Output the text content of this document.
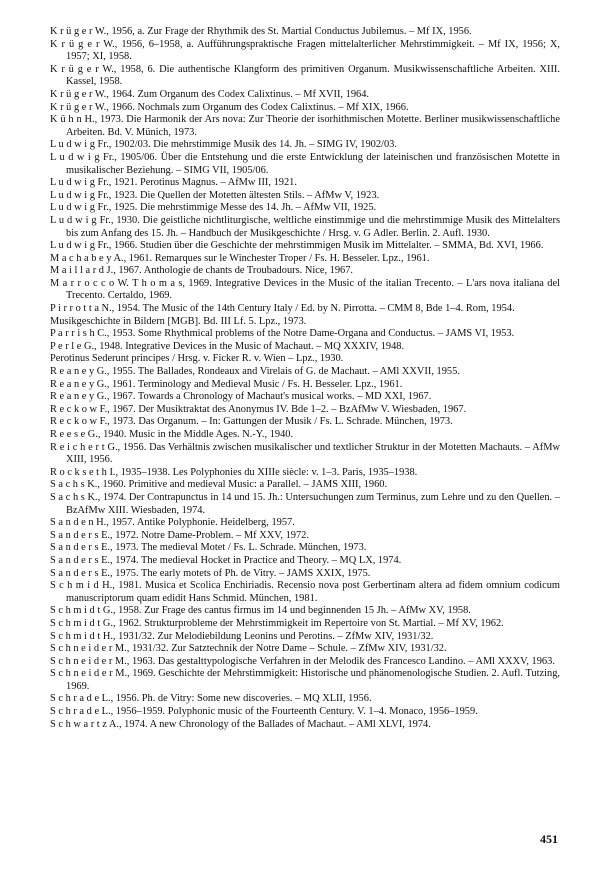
K r ü g e r W., 1956, a. Zur Frage der Rhythmik des St. Martial Conductus Jubilemus. – Mf IX, 1956.
K r ü g e r W., 1956, 6–1958, a. Aufführungspraktische Fragen mittelalterlicher Mehrstimmigkeit. – Mf IX, 1956; X, 1957; XI, 1958.
K r ü g e r W., 1958, 6. Die authentische Klangform des primitiven Organum. Musikwissenschaftliche Arbeiten. XIII. Kassel, 1958.
K r ü g e r W., 1964. Zum Organum des Codex Calixtinus. – Mf XVII, 1964.
K r ü g e r W., 1966. Nochmals zum Organum des Codex Calixtinus. – Mf XIX, 1966.
K ü h n H., 1973. Die Harmonik der Ars nova: Zur Theorie der isorhithmischen Motette. Berliner musikwissenschaftliche Arbeiten. Bd. V. Münich, 1973.
L u d w i g Fr., 1902/03. Die mehrstimmige Musik des 14. Jh. – SIMG IV, 1902/03.
L u d w i g Fr., 1905/06. Über die Entstehung und die erste Entwicklung der lateinischen und französischen Motette in musikalischer Beziehung. – SIMG VII, 1905/06.
L u d w i g Fr., 1921. Perotinus Magnus. – AfMw III, 1921.
L u d w i g Fr., 1923. Die Quellen der Motetten ältesten Stils. – AfMw V, 1923.
L u d w i g Fr., 1925. Die mehrstimmige Messe des 14. Jh. – AfMw VII, 1925.
L u d w i g Fr., 1930. Die geistliche nichtliturgische, weltliche einstimmige und die mehrstimmige Musik des Mittelalters bis zum Anfang des 15. Jh. – Handbuch der Musikgeschichte / Hrsg. v. G Adler. Berlin. 2. Aufl. 1930.
L u d w i g Fr., 1966. Studien über die Geschichte der mehrstimmigen Musik im Mittelalter. – SMMA, Bd. XVI, 1966.
M a c h a b e y A., 1961. Remarques sur le Winchester Troper / Fs. H. Besseler. Lpz., 1961.
M a i l l a r d J., 1967. Anthologie de chants de Troubadours. Nice, 1967.
M a r r o c c o W. T h o m a s, 1969. Integrative Devices in the Music of the italian Trecento. – L'ars nova italiana del Trecento. Certaldo, 1969.
P i r r o t t a N., 1954. The Music of the 14th Century Italy / Ed. by N. Pirrotta. – CMM 8, Bde 1–4. Rom, 1954.
Musikgeschichte in Bildern [MGB]. Bd. III Lf. 5. Lpz., 1973.
P a r r i s h C., 1953. Some Rhythmical problems of the Notre Dame-Organa and Conductus. – JAMS VI, 1953.
P e r l e G., 1948. Integrative Devices in the Music of Machaut. – MQ XXXIV, 1948.
Perotinus Sederunt principes / Hrsg. v. Ficker R. v. Wien – Lpz., 1930.
R e a n e y G., 1955. The Ballades, Rondeaux and Virelais of G. de Machaut. – AMl XXVII, 1955.
R e a n e y G., 1961. Terminology and Medieval Music / Fs. H. Besseler. Lpz., 1961.
R e a n e y G., 1967. Towards a Chronology of Machaut's musical works. – MD XXI, 1967.
R e c k o w F., 1967. Der Musiktraktat des Anonymus IV. Bde 1–2. – BzAfMw V. Wiesbaden, 1967.
R e c k o w F., 1973. Das Organum. – In: Gattungen der Musik / Fs. L. Schrade. München, 1973.
R e e s e G., 1940. Music in the Middle Ages. N.-Y., 1940.
R e i c h e r t G., 1956. Das Verhältnis zwischen musikalischer und textlicher Struktur in der Motetten Machauts. – AfMw XIII, 1956.
R o c k s e t h I., 1935–1938. Les Polyphonies du XIIIe siècle: v. 1–3. Paris, 1935–1938.
S a c h s K., 1960. Primitive and medieval Music: a Parallel. – JAMS XIII, 1960.
S a c h s K., 1974. Der Contrapunctus in 14 und 15. Jh.: Untersuchungen zum Terminus, zum Lehre und zu den Quellen. – BzAfMw XIII. Wiesbaden, 1974.
S a n d e n H., 1957. Antike Polyphonie. Heidelberg, 1957.
S a n d e r s E., 1972. Notre Dame-Problem. – Mf XXV, 1972.
S a n d e r s E., 1973. The medieval Motet / Fs. L. Schrade. München, 1973.
S a n d e r s E., 1974. The medieval Hocket in Practice and Theory. – MQ LX, 1974.
S a n d e r s E., 1975. The early motets of Ph. de Vitry. – JAMS XXIX, 1975.
S c h m i d H., 1981. Musica et Scolica Enchiriadis. Recensio nova post Gerbertinam altera ad fidem omnium codicum manuscriptorum quam edidit Hans Schmid. München, 1981.
S c h m i d t G., 1958. Zur Frage des cantus firmus im 14 und beginnenden 15 Jh. – AfMw XV, 1958.
S c h m i d t G., 1962. Strukturprobleme der Mehrstimmigkeit im Repertoire von St. Martial. – Mf XV, 1962.
S c h m i d t H., 1931/32. Zur Melodiebildung Leonins und Perotins. – ZfMw XIV, 1931/32.
S c h n e i d e r M., 1931/32. Zur Satztechnik der Notre Dame – Schule. – ZfMw XIV, 1931/32.
S c h n e i d e r M., 1963. Das gestalttypologische Verfahren in der Melodik des Francesco Landino. – AMl XXXV, 1963.
S c h n e i d e r M., 1969. Geschichte der Mehrstimmigkeit: Historische und phänomenologische Studien. 2. Aufl. Tutzing, 1969.
S c h r a d e L., 1956. Ph. de Vitry: Some new discoveries. – MQ XLII, 1956.
S c h r a d e L., 1956–1959. Polyphonic music of the Fourteenth Century. V. 1–4. Monaco, 1956–1959.
S c h w a r t z A., 1974. A new Chronology of the Ballades of Machaut. – AMl XLVI, 1974.
451
